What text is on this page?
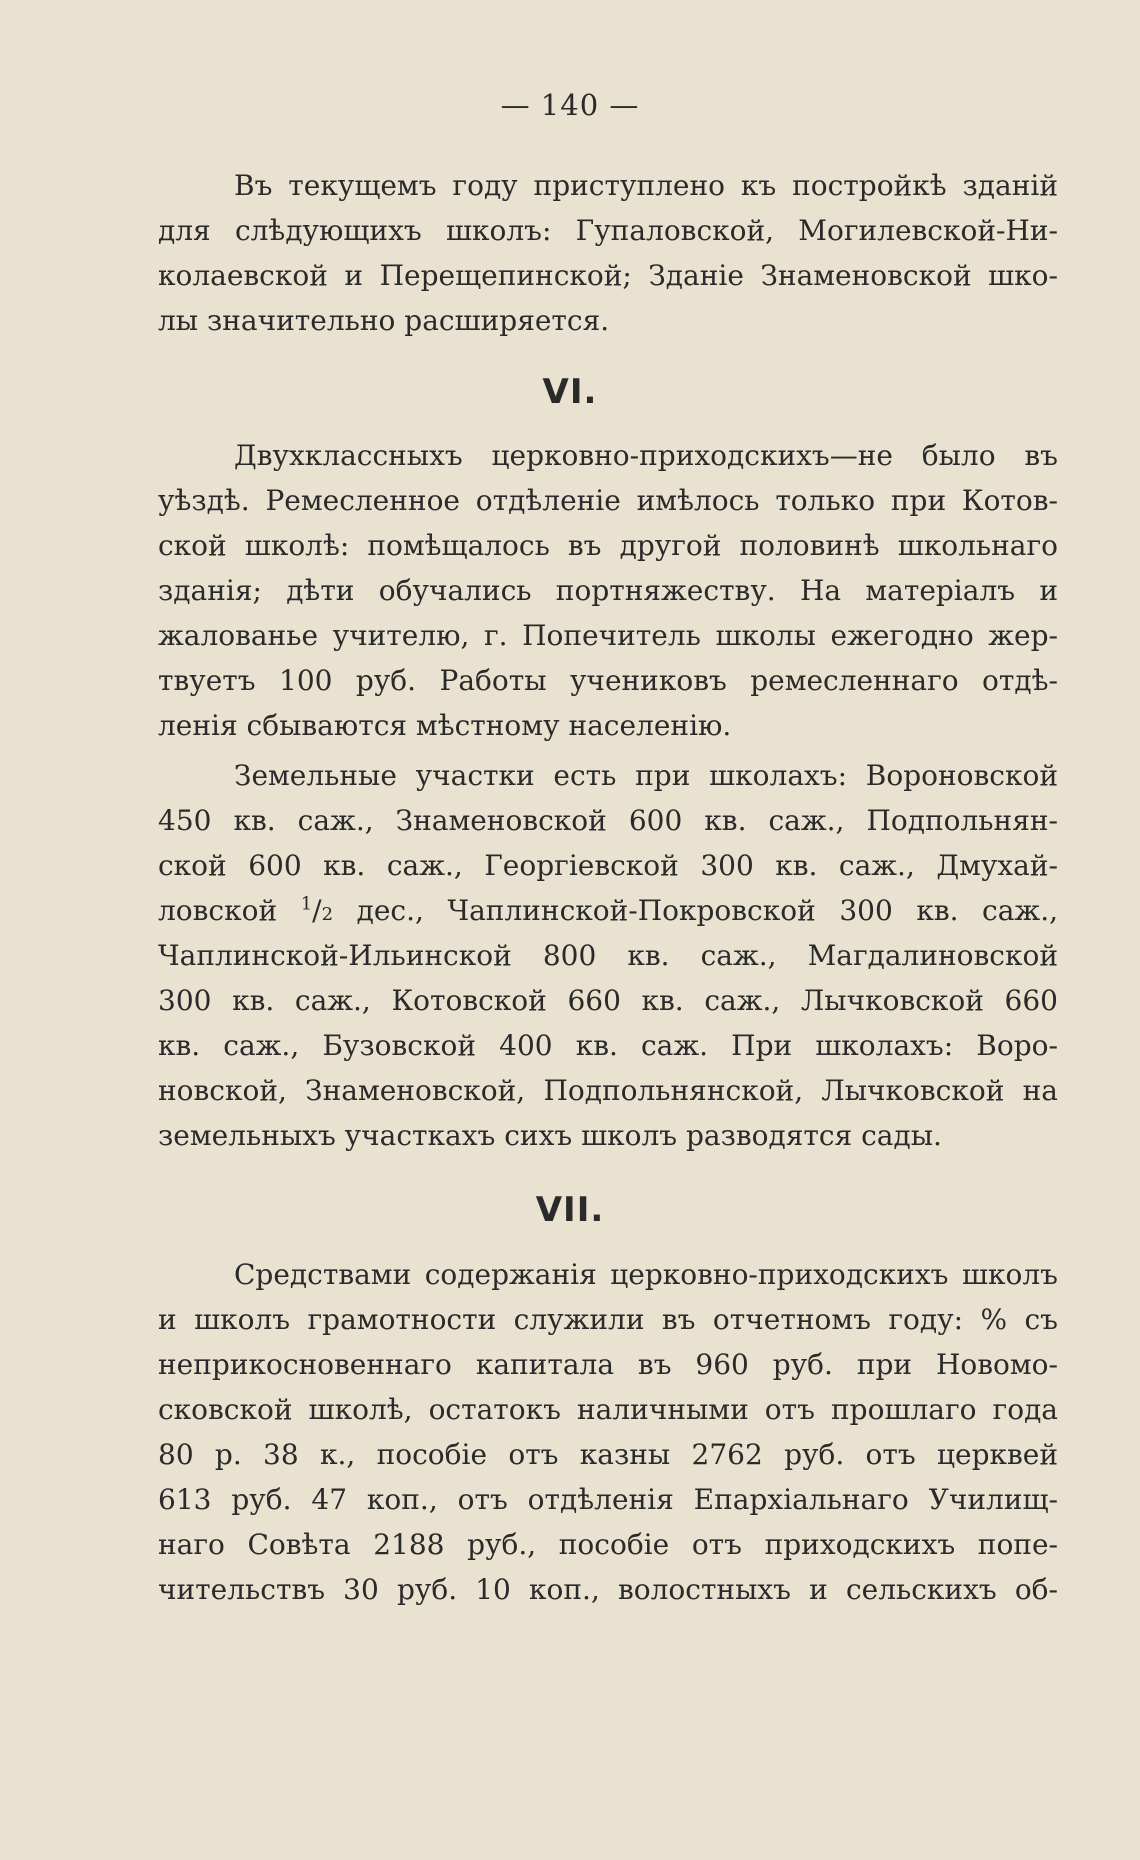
— 140 —
Въ текущемъ году приступлено къ постройкѣ зданій
для слѣдующихъ школъ: Гупаловской, Могилевской-Ни-
колаевской и Перещепинской; Зданіе Знаменовской шко-
лы значительно расширяется.
VI.
Двухклассныхъ церковно-приходскихъ—не было въ
уѣздѣ. Ремесленное отдѣленіе имѣлось только при Котов-
ской школѣ: помѣщалось въ другой половинѣ школьнаго
зданія; дѣти обучались портняжеству. На матеріалъ и
жалованье учителю, г. Попечитель школы ежегодно жер-
твуетъ 100 руб. Работы учениковъ ремесленнаго отдѣ-
ленія сбываются мѣстному населенію.
Земельные участки есть при школахъ: Вороновской
450 кв. саж., Знаменовской 600 кв. саж., Подпольнян-
ской 600 кв. саж., Георгіевской 300 кв. саж., Дмухай-
ловской $^1$/2 дес., Чаплинской-Покровской 300 кв. саж.,
Чаплинской-Ильинской 800 кв. саж., Магдалиновской
300 кв. саж., Котовской 660 кв. саж., Лычковской 660
кв. саж., Бузовской 400 кв. саж. При школахъ: Воро-
новской, Знаменовской, Подпольнянской, Лычковской на
земельныхъ участкахъ сихъ школъ разводятся сады.
VII.
Средствами содержанія церковно-приходскихъ школъ
и школъ грамотности служили въ отчетномъ году: % съ
неприкосновеннаго капитала въ 960 руб. при Новомо-
сковской школѣ, остатокъ наличными отъ прошлаго года
80 р. 38 к., пособіе отъ казны 2762 руб. отъ церквей
613 руб. 47 коп., отъ отдѣленія Епархіальнаго Училищ-
наго Совѣта 2188 руб., пособіе отъ приходскихъ попе-
чительствъ 30 руб. 10 коп., волостныхъ и сельскихъ об-
